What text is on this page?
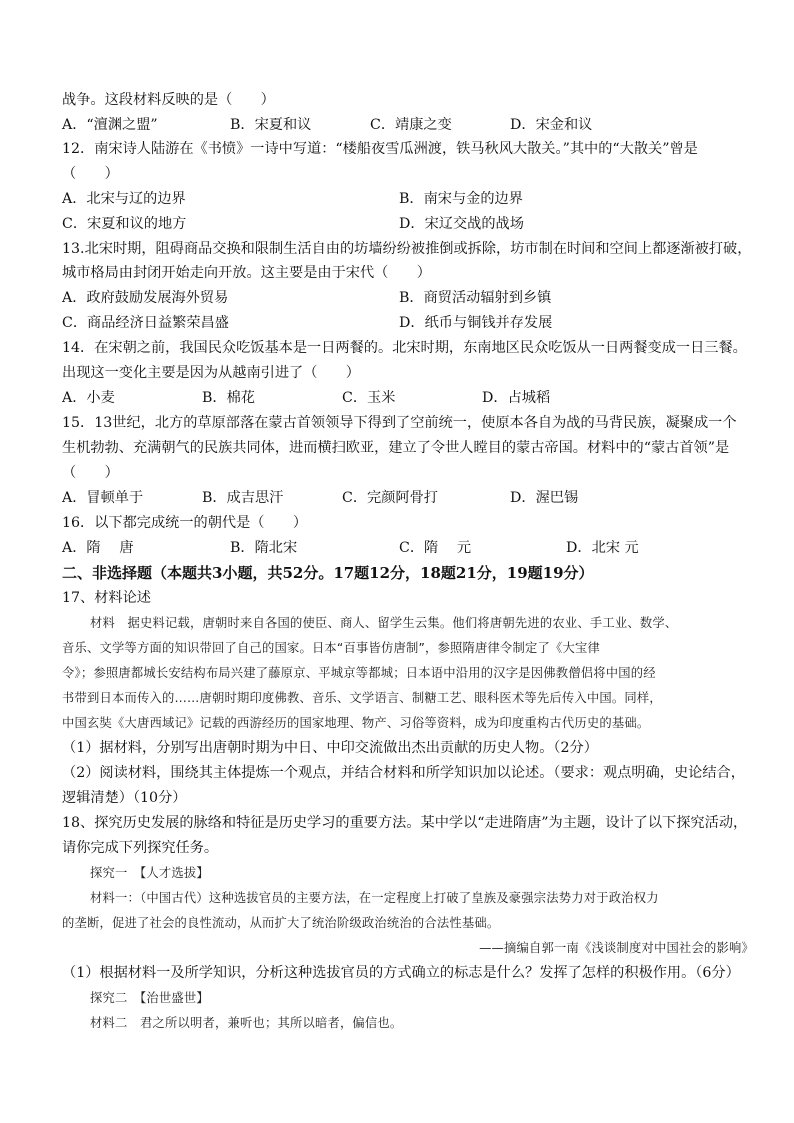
战争。这段材料反映的是（　　）
A．“澶渊之盟”	B．宋夏和议	C．靖康之变	D．宋金和议
12．南宋诗人陆游在《书愤》一诗中写道：“楼船夜雪瓜洲渡，铁马秋风大散关。”其中的“大散关”曾是
（　　）
A．北宋与辽的边界	B．南宋与金的边界
C．宋夏和议的地方	D．宋辽交战的战场
13.北宋时期，阻碍商品交换和限制生活自由的坊墙纷纷被推倒或拆除，坊市制在时间和空间上都逐渐被打破，
城市格局由封闭开始走向开放。这主要是由于宋代（　　）
A．政府鼓励发展海外贸易	B．商贸活动辐射到乡镇
C．商品经济日益繁荣昌盛	D．纸币与铜钱并存发展
14．在宋朝之前，我国民众吃饭基本是一日两餐的。北宋时期，东南地区民众吃饭从一日两餐变成一日三餐。
出现这一变化主要是因为从越南引进了（　　）
A．小麦	B．棉花	C．玉米	D．占城稻
15．13世纪，北方的草原部落在蒙古首领领导下得到了空前统一，使原本各自为战的马背民族，凝聚成一个
生机勃勃、充满朝气的民族共同体，进而横扫欧亚，建立了令世人瞠目的蒙古帝国。材料中的“蒙古首领”是
（　　）
A．冒顿单于	B．成吉思汗	C．完颜阿骨打	D．渥巴锡
16．以下都完成统一的朝代是（　　）
A．隋　 唐	B．隋北宋	C．隋　 元	D．北宋 元
二、非选择题（本题共3小题，共52分。17题12分，18题21分，19题19分）
17、材料论述
材料　据史料记载，唐朝时来自各国的使臣、商人、留学生云集。他们将唐朝先进的农业、手工业、数学、
音乐、文学等方面的知识带回了自己的国家。日本“百事皆仿唐制”，参照隋唐律令制定了《大宝律
令》；参照唐都城长安结构布局兴建了藤原京、平城京等都城；日本语中沿用的汉字是因佛教僧侣将中国的经
书带到日本而传入的……唐朝时期印度佛教、音乐、文学语言、制糖工艺、眼科医术等先后传入中国。同样，
中国玄奘《大唐西域记》记载的西游经历的国家地理、物产、习俗等资料，成为印度重构古代历史的基础。
（1）据材料，分别写出唐朝时期为中日、中印交流做出杰出贡献的历史人物。（2分）
（2）阅读材料，围绕其主体提炼一个观点，并结合材料和所学知识加以论述。（要求：观点明确，史论结合，
逻辑清楚）（10分）
18、探究历史发展的脉络和特征是历史学习的重要方法。某中学以“走进隋唐”为主题，设计了以下探究活动，
请你完成下列探究任务。
探究一　【人才选拔】
材料一：（中国古代）这种选拔官员的主要方法，在一定程度上打破了皇族及豪强宗法势力对于政治权力
的垄断，促进了社会的良性流动，从而扩大了统治阶级政治统治的合法性基础。
——摘编自郭一南《浅谈制度对中国社会的影响》
（1）根据材料一及所学知识，分析这种选拔官员的方式确立的标志是什么？发挥了怎样的积极作用。（6分）
探究二　【治世盛世】
材料二　君之所以明者，兼听也；其所以暗者，偏信也。
